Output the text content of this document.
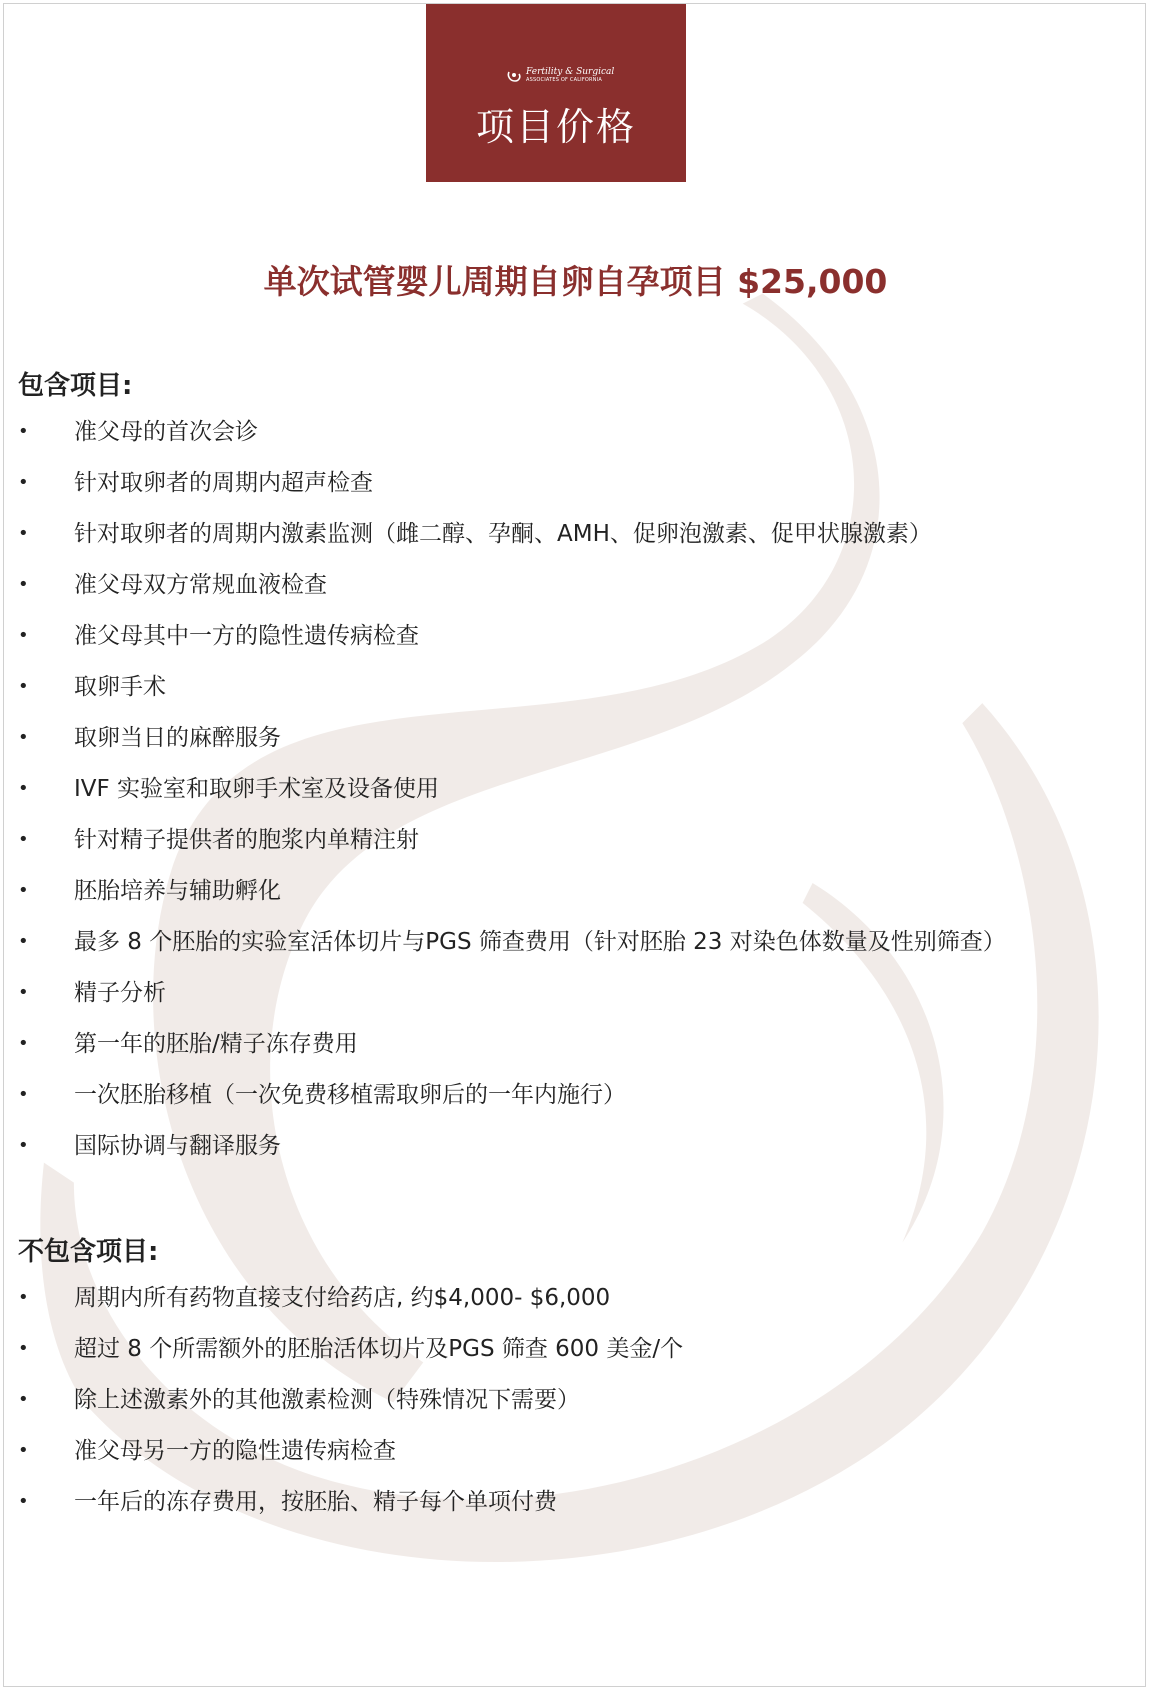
Fertility & Surgical
ASSOCIATES OF CALIFORNIA
项目价格
单次试管婴儿周期自卵自孕项目 $25,000
包含项目:
•	准父母的首次会诊
•	针对取卵者的周期内超声检查
•	针对取卵者的周期内激素监测（雌二醇、孕酮、AMH、促卵泡激素、促甲状腺激素）
•	准父母双方常规血液检查
•	准父母其中一方的隐性遗传病检查
•	取卵手术
•	取卵当日的麻醉服务
•	IVF 实验室和取卵手术室及设备使用
•	针对精子提供者的胞浆内单精注射
•	胚胎培养与辅助孵化
•	最多 8 个胚胎的实验室活体切片与PGS 筛查费用（针对胚胎 23 对染色体数量及性别筛查）
•	精子分析
•	第一年的胚胎/精子冻存费用
•	一次胚胎移植（一次免费移植需取卵后的一年内施行）
•	国际协调与翻译服务
不包含项目:
•	周期内所有药物直接支付给药店, 约$4,000- $6,000
•	超过 8 个所需额外的胚胎活体切片及PGS 筛查 600 美金/个
•	除上述激素外的其他激素检测（特殊情况下需要）
•	准父母另一方的隐性遗传病检查
•	一年后的冻存费用，按胚胎、精子每个单项付费
